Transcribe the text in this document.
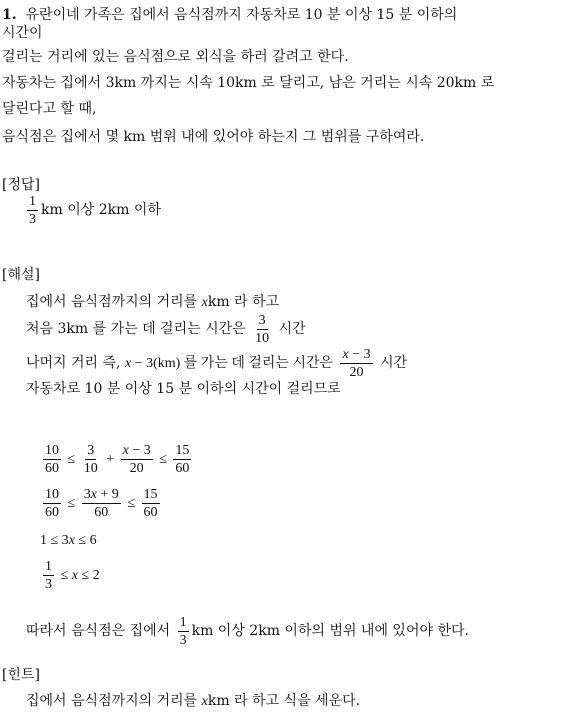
1. 유란이네 가족은 집에서 음식점까지 자동차로 10 분 이상 15 분 이하의
시간이
걸리는 거리에 있는 음식점으로 외식을 하러 갈려고 한다.
자동차는 집에서 3km 까지는 시속 10km 로 달리고, 남은 거리는 시속 20km 로
달린다고 할 때,
음식점은 집에서 몇 km 범위 내에 있어야 하는지 그 범위를 구하여라.
[정답]
$\frac{1}{3}$ km 이상 2km 이하
[해설]
집에서 음식점까지의 거리를 xkm 라 하고
처음 3km 를 가는 데 걸리는 시간은 $\frac{3}{10}$ 시간
나머지 거리 즉, x − 3(km) 를 가는 데 걸리는 시간은 $\frac{x - 3}{20}$ 시간
자동차로 10 분 이상 15 분 이하의 시간이 걸리므로
$\frac{10}{60} \le \frac{3}{10} + \frac{x - 3}{20} \le \frac{15}{60}$
$\frac{10}{60} \le \frac{3x + 9}{60} \le \frac{15}{60}$
1 ≤ 3x ≤ 6
$\frac{1}{3} \le x \le 2$
따라서 음식점은 집에서 $\frac{1}{3}$ km 이상 2km 이하의 범위 내에 있어야 한다.
[힌트]
집에서 음식점까지의 거리를 xkm 라 하고 식을 세운다.
